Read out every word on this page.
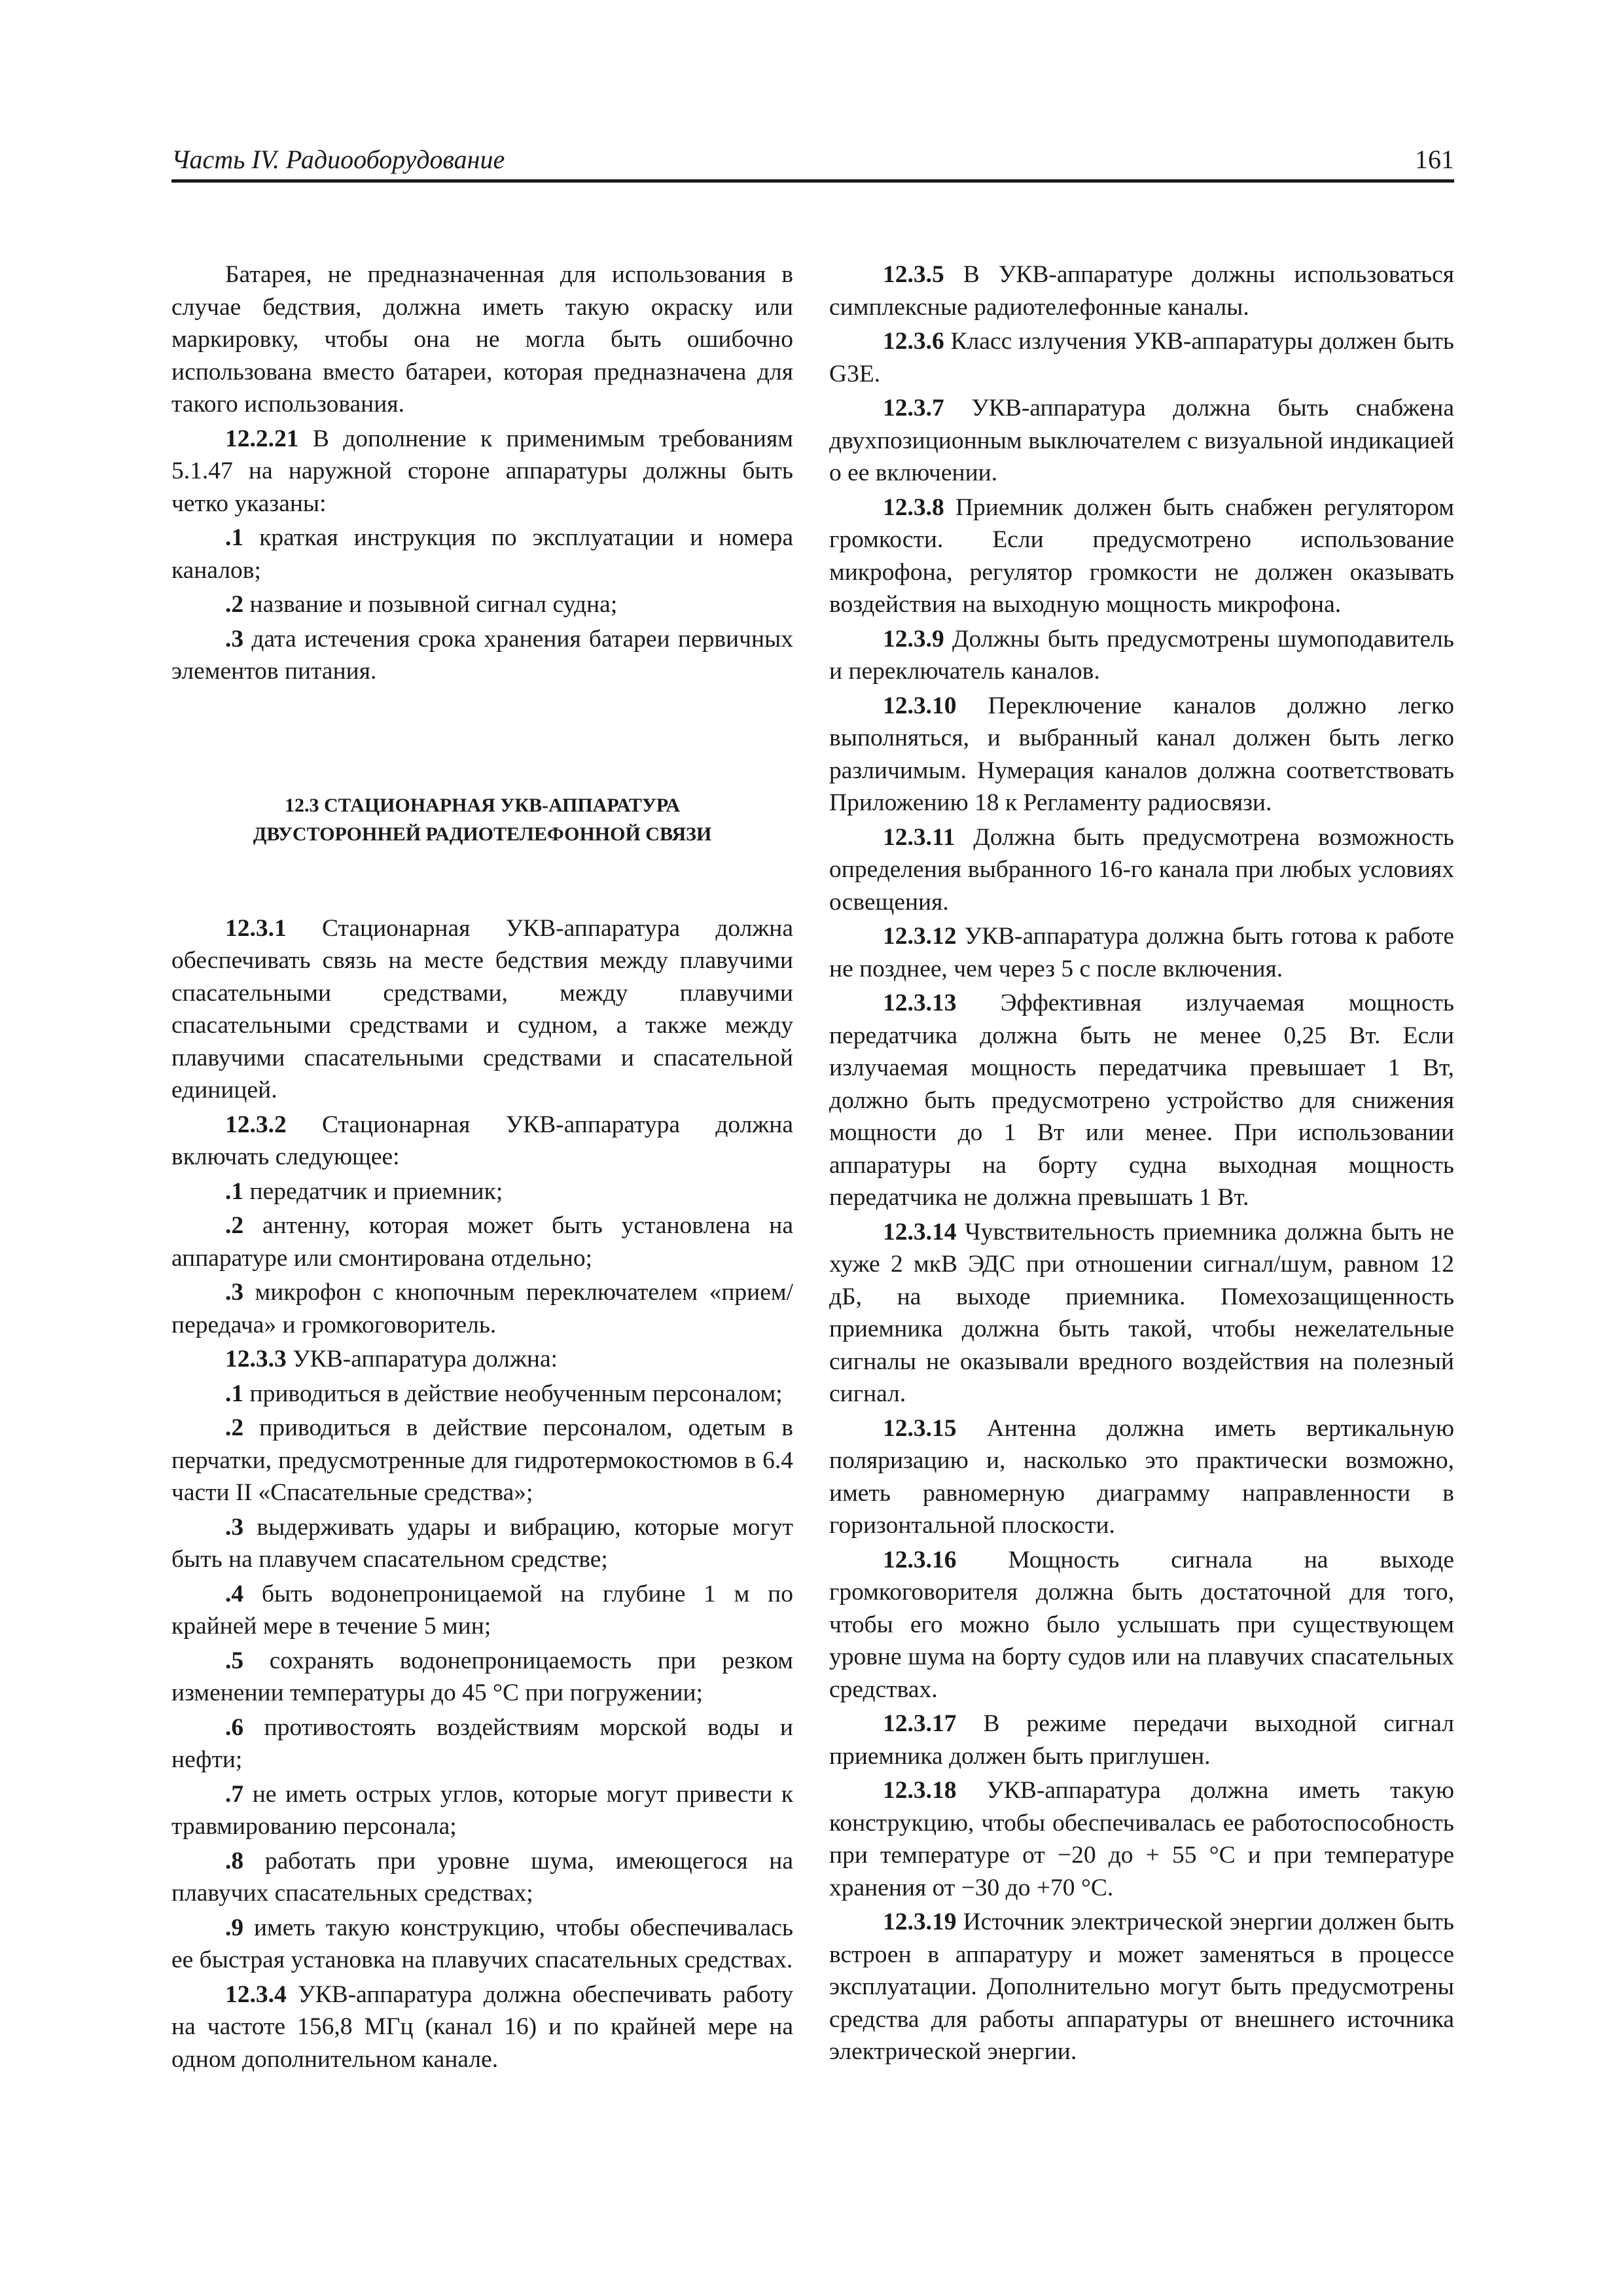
Часть IV. Радиооборудование	161

Батарея, не предназначенная для использования в случае бедствия, должна иметь такую окраску или маркировку, чтобы она не могла быть ошибочно использована вместо батареи, которая предназначена для такого использования.

12.2.21 В дополнение к применимым требованиям 5.1.47 на наружной стороне аппаратуры должны быть четко указаны:

.1 краткая инструкция по эксплуатации и номера каналов;

.2 название и позывной сигнал судна;

.3 дата истечения срока хранения батареи первичных элементов питания.

12.3 СТАЦИОНАРНАЯ УКВ-АППАРАТУРА
ДВУСТОРОННЕЙ РАДИОТЕЛЕФОННОЙ СВЯЗИ

12.3.1 Стационарная УКВ-аппаратура должна обеспечивать связь на месте бедствия между плавучими спасательными средствами, между плавучими спасательными средствами и судном, а также между плавучими спасательными средствами и спасательной единицей.

12.3.2 Стационарная УКВ-аппаратура должна включать следующее:

.1 передатчик и приемник;

.2 антенну, которая может быть установлена на аппаратуре или смонтирована отдельно;

.3 микрофон с кнопочным переключателем «прием/передача» и громкоговоритель.

12.3.3 УКВ-аппаратура должна:

.1 приводиться в действие необученным персоналом;

.2 приводиться в действие персоналом, одетым в перчатки, предусмотренные для гидротермокостюмов в 6.4 части II «Спасательные средства»;

.3 выдерживать удары и вибрацию, которые могут быть на плавучем спасательном средстве;

.4 быть водонепроницаемой на глубине 1 м по крайней мере в течение 5 мин;

.5 сохранять водонепроницаемость при резком изменении температуры до 45 °С при погружении;

.6 противостоять воздействиям морской воды и нефти;

.7 не иметь острых углов, которые могут привести к травмированию персонала;

.8 работать при уровне шума, имеющегося на плавучих спасательных средствах;

.9 иметь такую конструкцию, чтобы обеспечивалась ее быстрая установка на плавучих спасательных средствах.

12.3.4 УКВ-аппаратура должна обеспечивать работу на частоте 156,8 МГц (канал 16) и по крайней мере на одном дополнительном канале.

12.3.5 В УКВ-аппаратуре должны использоваться симплексные радиотелефонные каналы.

12.3.6 Класс излучения УКВ-аппаратуры должен быть G3E.

12.3.7 УКВ-аппаратура должна быть снабжена двухпозиционным выключателем с визуальной индикацией о ее включении.

12.3.8 Приемник должен быть снабжен регулятором громкости. Если предусмотрено использование микрофона, регулятор громкости не должен оказывать воздействия на выходную мощность микрофона.

12.3.9 Должны быть предусмотрены шумоподавитель и переключатель каналов.

12.3.10 Переключение каналов должно легко выполняться, и выбранный канал должен быть легко различимым. Нумерация каналов должна соответствовать Приложению 18 к Регламенту радиосвязи.

12.3.11 Должна быть предусмотрена возможность определения выбранного 16-го канала при любых условиях освещения.

12.3.12 УКВ-аппаратура должна быть готова к работе не позднее, чем через 5 с после включения.

12.3.13 Эффективная излучаемая мощность передатчика должна быть не менее 0,25 Вт. Если излучаемая мощность передатчика превышает 1 Вт, должно быть предусмотрено устройство для снижения мощности до 1 Вт или менее. При использовании аппаратуры на борту судна выходная мощность передатчика не должна превышать 1 Вт.

12.3.14 Чувствительность приемника должна быть не хуже 2 мкВ ЭДС при отношении сигнал/шум, равном 12 дБ, на выходе приемника. Помехозащищенность приемника должна быть такой, чтобы нежелательные сигналы не оказывали вредного воздействия на полезный сигнал.

12.3.15 Антенна должна иметь вертикальную поляризацию и, насколько это практически возможно, иметь равномерную диаграмму направленности в горизонтальной плоскости.

12.3.16 Мощность сигнала на выходе громкоговорителя должна быть достаточной для того, чтобы его можно было услышать при существующем уровне шума на борту судов или на плавучих спасательных средствах.

12.3.17 В режиме передачи выходной сигнал приемника должен быть приглушен.

12.3.18 УКВ-аппаратура должна иметь такую конструкцию, чтобы обеспечивалась ее работоспособность при температуре от −20 до + 55 °С и при температуре хранения от −30 до +70 °С.

12.3.19 Источник электрической энергии должен быть встроен в аппаратуру и может заменяться в процессе эксплуатации. Дополнительно могут быть предусмотрены средства для работы аппаратуры от внешнего источника электрической энергии.
